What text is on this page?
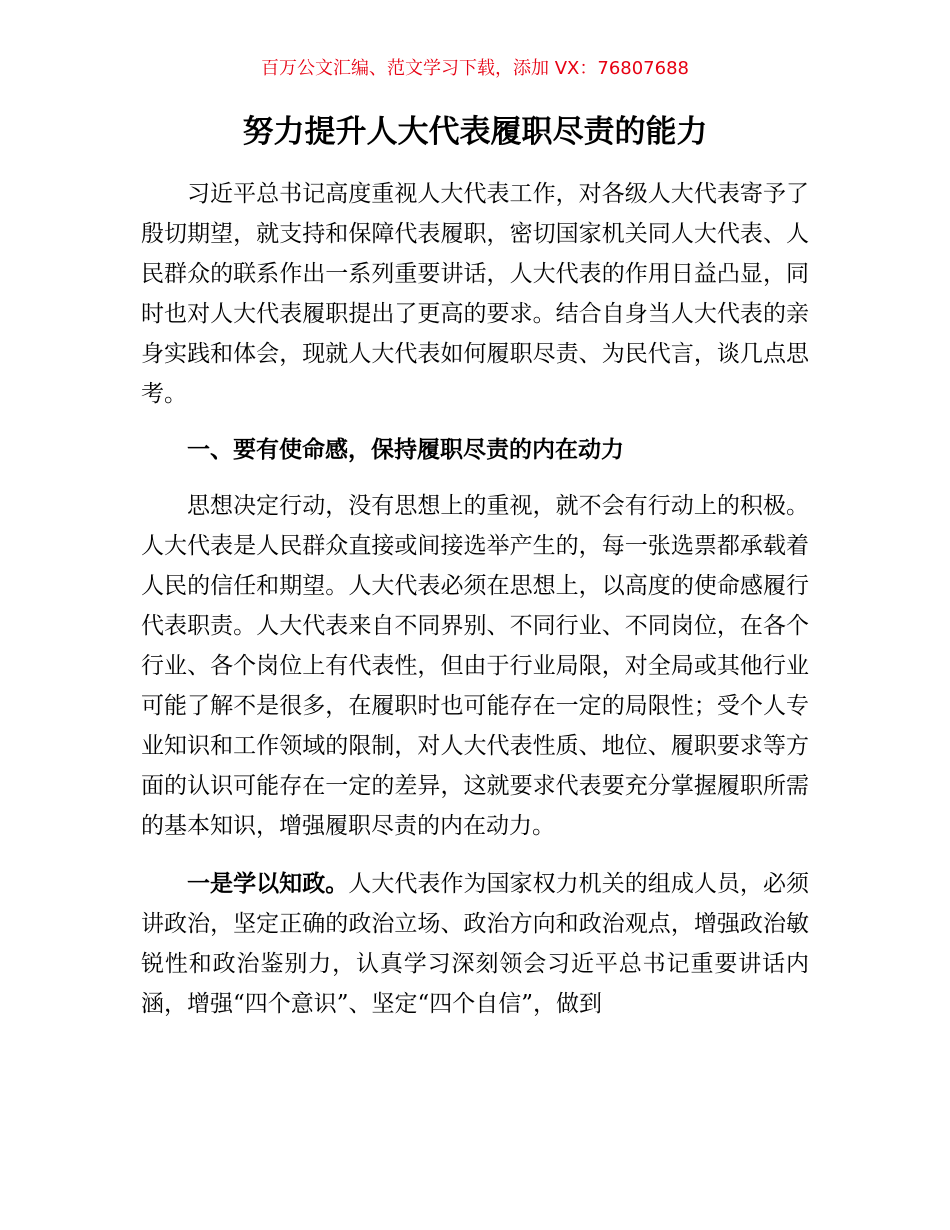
百万公文汇编、范文学习下载，添加 VX：76807688
努力提升人大代表履职尽责的能力

习近平总书记高度重视人大代表工作，对各级人大代表寄予了殷切期望，就支持和保障代表履职，密切国家机关同人大代表、人民群众的联系作出一系列重要讲话，人大代表的作用日益凸显，同时也对人大代表履职提出了更高的要求。结合自身当人大代表的亲身实践和体会，现就人大代表如何履职尽责、为民代言，谈几点思考。

一、要有使命感，保持履职尽责的内在动力

思想决定行动，没有思想上的重视，就不会有行动上的积极。人大代表是人民群众直接或间接选举产生的，每一张选票都承载着人民的信任和期望。人大代表必须在思想上，以高度的使命感履行代表职责。人大代表来自不同界别、不同行业、不同岗位，在各个行业、各个岗位上有代表性，但由于行业局限，对全局或其他行业可能了解不是很多，在履职时也可能存在一定的局限性；受个人专业知识和工作领域的限制，对人大代表性质、地位、履职要求等方面的认识可能存在一定的差异，这就要求代表要充分掌握履职所需的基本知识，增强履职尽责的内在动力。

一是学以知政。人大代表作为国家权力机关的组成人员，必须讲政治，坚定正确的政治立场、政治方向和政治观点，增强政治敏锐性和政治鉴别力，认真学习深刻领会习近平总书记重要讲话内涵，增强“四个意识”、坚定“四个自信”，做到
